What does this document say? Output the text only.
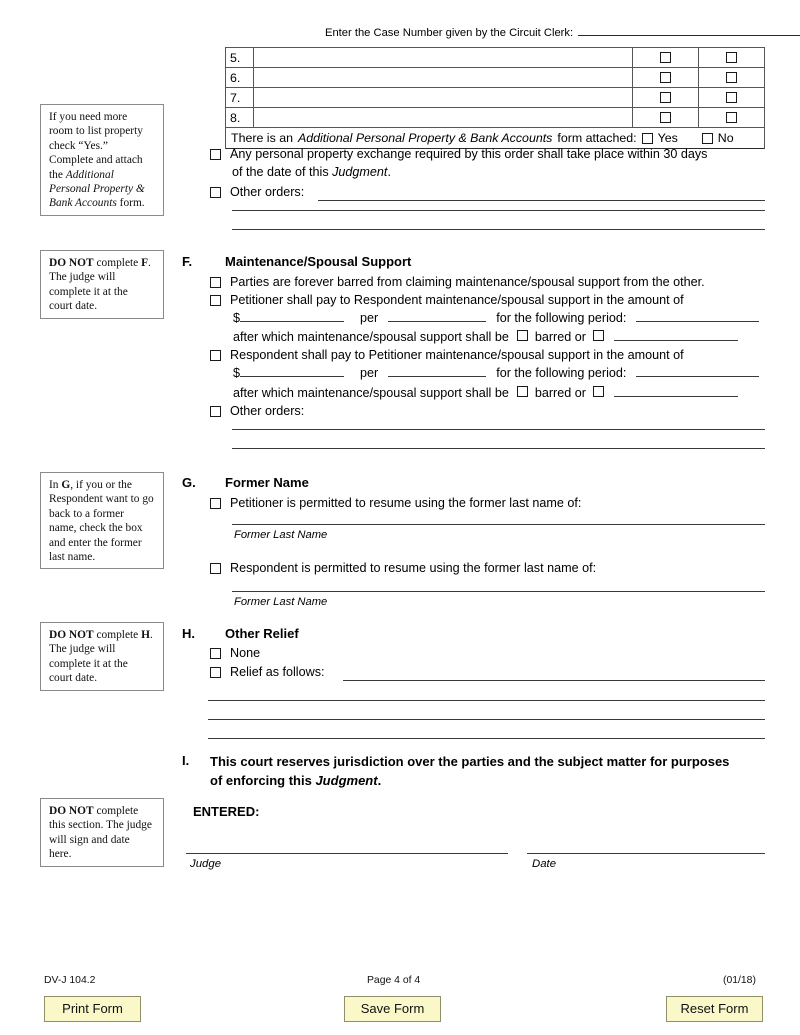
Enter the Case Number given by the Circuit Clerk:
5.			
6.			
7.			
8.			

There is an Additional Personal Property & Bank Accounts form attached: Yes No			
If you need more
room to list property
check “Yes.”
Complete and attach
the Additional
Personal Property &
Bank Accounts form.
Any personal property exchange required by this order shall take place within 30 days
of the date of this Judgment.
Other orders:
DO NOT complete F.
The judge will
complete it at the
court date.
F.	Maintenance/Spousal Support
Parties are forever barred from claiming maintenance/spousal support from the other.
Petitioner shall pay to Respondent maintenance/spousal support in the amount of
$	per	for the following period:
after which maintenance/spousal support shall be barred or
Respondent shall pay to Petitioner maintenance/spousal support in the amount of
$	per	for the following period:
after which maintenance/spousal support shall be barred or
Other orders:
In G, if you or the
Respondent want to go
back to a former
name, check the box
and enter the former
last name.
G. Former Name
Petitioner is permitted to resume using the former last name of:
Former Last Name
Respondent is permitted to resume using the former last name of:
Former Last Name
DO NOT complete H.
The judge will
complete it at the
court date.
H. Other Relief
None
Relief as follows:
I. This court reserves jurisdiction over the parties and the subject matter for purposes
of enforcing this Judgment.
DO NOT complete
this section. The judge
will sign and date
here.
ENTERED:
Judge	Date
DV-J 104.2	Page 4 of 4	(01/18)
Print Form	Save Form	Reset Form
